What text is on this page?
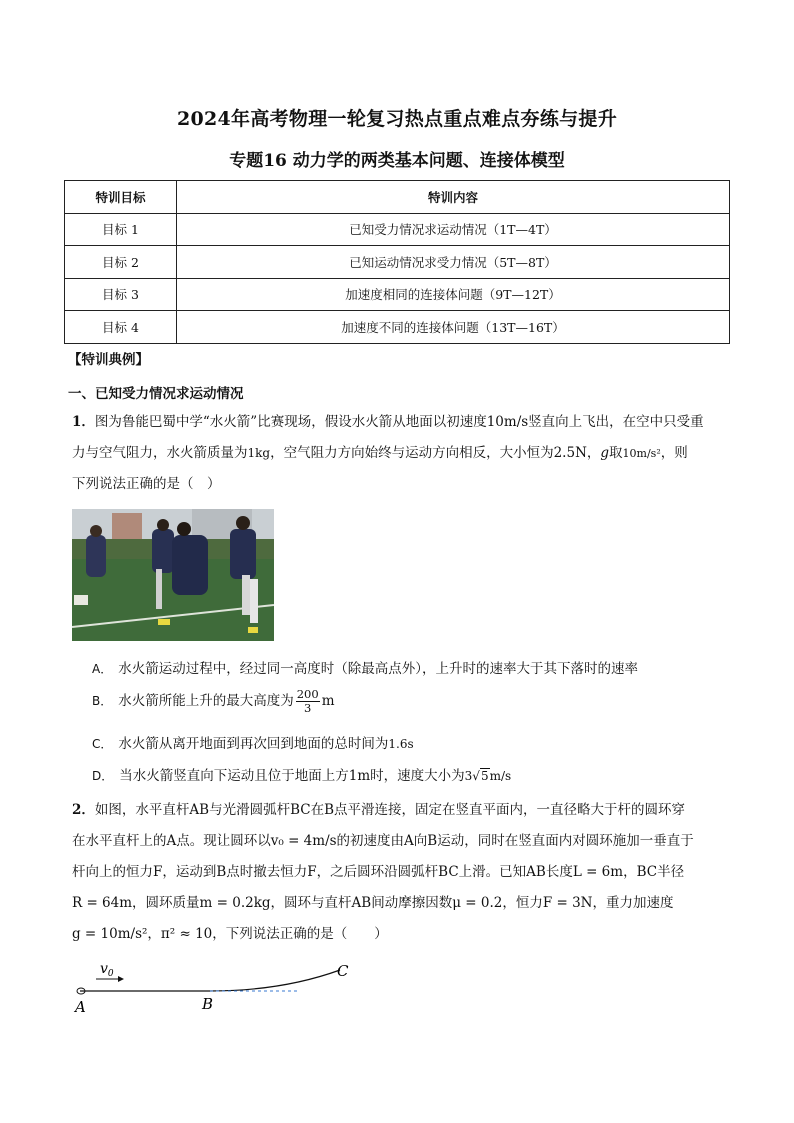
2024年高考物理一轮复习热点重点难点夯练与提升
专题16 动力学的两类基本问题、连接体模型
特训目标	特训内容
目标 1	已知受力情况求运动情况（1T—4T）
目标 2	已知运动情况求受力情况（5T—8T）
目标 3	加速度相同的连接体问题（9T—12T）
目标 4	加速度不同的连接体问题（13T—16T）
【特训典例】
一、已知受力情况求运动情况
1．图为鲁能巴蜀中学“水火箭”比赛现场，假设水火箭从地面以初速度10m/s竖直向上飞出，在空中只受重
力与空气阻力，水火箭质量为1kg，空气阻力方向始终与运动方向相反，大小恒为2.5N，g取10m/s²，则
下列说法正确的是（　）
A． 水火箭运动过程中，经过同一高度时（除最高点外），上升时的速率大于其下落时的速率
B． 水火箭所能上升的最大高度为 $\frac{200}{3}$ m
C． 水火箭从离开地面到再次回到地面的总时间为1.6s
D． 当水火箭竖直向下运动且位于地面上方1m时，速度大小为3√5m/s
2．如图，水平直杆AB与光滑圆弧杆BC在B点平滑连接，固定在竖直平面内，一直径略大于杆的圆环穿
在水平直杆上的A点。现让圆环以v₀ = 4m/s的初速度由A向B运动，同时在竖直面内对圆环施加一垂直于
杆向上的恒力F，运动到B点时撤去恒力F，之后圆环沿圆弧杆BC上滑。已知AB长度L = 6m，BC半径
R = 64m，圆环质量m = 0.2kg，圆环与直杆AB间动摩擦因数μ = 0.2，恒力F = 3N，重力加速度
g = 10m/s²，π² ≈ 10，下列说法正确的是（　　）
$v_0$
A	B
C
